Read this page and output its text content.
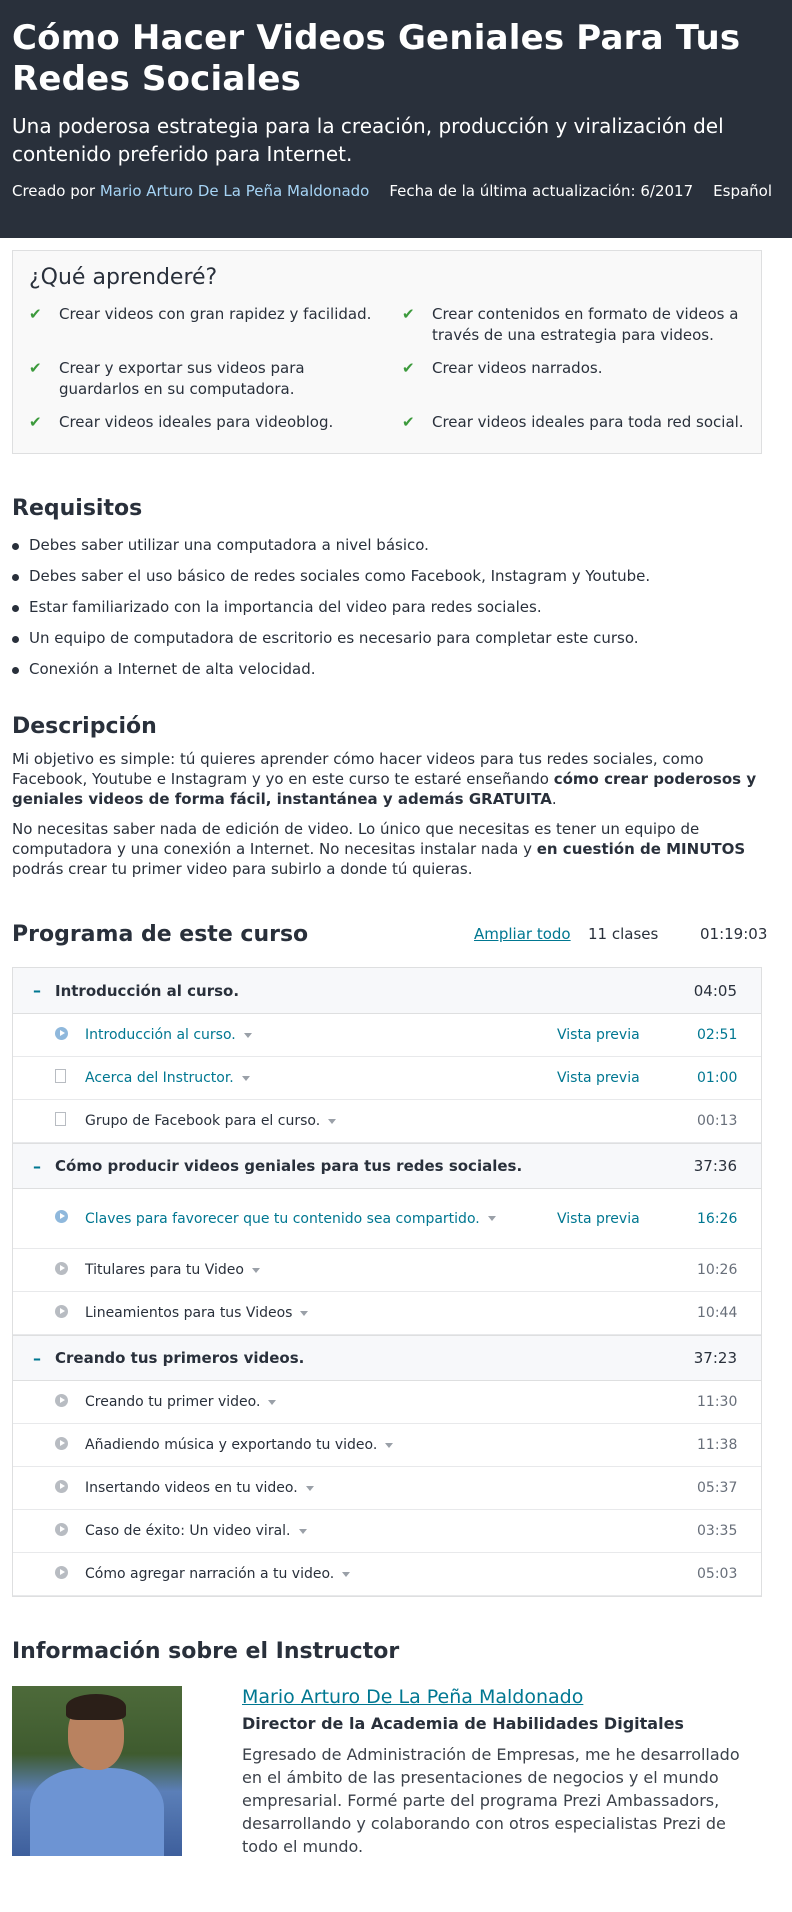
Cómo Hacer Videos Geniales Para Tus Redes Sociales
Una poderosa estrategia para la creación, producción y viralización del contenido preferido para Internet.
Creado por Mario Arturo De La Peña Maldonado Fecha de la última actualización: 6/2017 Español
¿Qué aprenderé?
✔ Crear videos con gran rapidez y facilidad. ✔ Crear contenidos en formato de videos a través de una estrategia para videos.
✔ Crear y exportar sus videos para guardarlos en su computadora.
✔ Crear videos narrados.
✔ Crear videos ideales para videoblog.	✔ Crear videos ideales para toda red social.
Requisitos
Debes saber utilizar una computadora a nivel básico.
Debes saber el uso básico de redes sociales como Facebook, Instagram y Youtube.
Estar familiarizado con la importancia del video para redes sociales.
Un equipo de computadora de escritorio es necesario para completar este curso.
Conexión a Internet de alta velocidad.
Descripción

Mi objetivo es simple: tú quieres aprender cómo hacer videos para tus redes sociales, como Facebook, Youtube e Instagram y yo en este curso te estaré enseñando cómo crear poderosos y geniales videos de forma fácil, instantánea y además GRATUITA.

No necesitas saber nada de edición de video. Lo único que necesitas es tener un equipo de computadora y una conexión a Internet. No necesitas instalar nada y en cuestión de MINUTOS podrás crear tu primer video para subirlo a donde tú quieras.

Programa de este curso	Ampliar todo	11 clases	01:19:03
– Introducción al curso.	04:05
Introducción al curso.	Vista previa	02:51
Acerca del Instructor.	Vista previa	01:00
Grupo de Facebook para el curso.	00:13
– Cómo producir videos geniales para tus redes sociales.	37:36
Claves para favorecer que tu contenido sea compartido.	Vista previa	16:26
Titulares para tu Video	10:26
Lineamientos para tus Videos	10:44
– Creando tus primeros videos.	37:23
Creando tu primer video.	11:30
Añadiendo música y exportando tu video.	11:38
Insertando videos en tu video.	05:37
Caso de éxito: Un video viral.	03:35
Cómo agregar narración a tu video.	05:03
Información sobre el Instructor
Mario Arturo De La Peña Maldonado
Director de la Academia de Habilidades Digitales
Egresado de Administración de Empresas, me he desarrollado en el ámbito de las presentaciones de negocios y el mundo empresarial. Formé parte del programa Prezi Ambassadors, desarrollando y colaborando con otros especialistas Prezi de todo el mundo.
